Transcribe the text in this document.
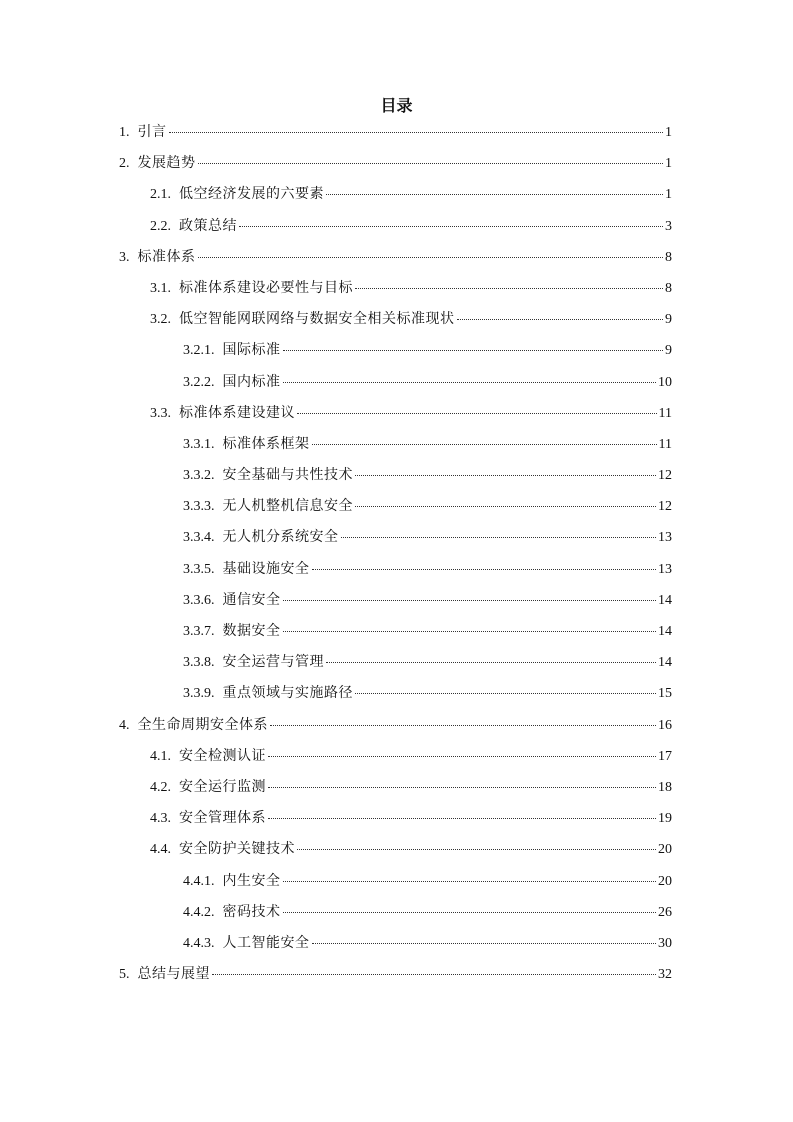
目录
1. 引言	1
2. 发展趋势	1
2.1. 低空经济发展的六要素	1
2.2. 政策总结	3
3. 标准体系	8
3.1. 标准体系建设必要性与目标	8
3.2. 低空智能网联网络与数据安全相关标准现状	9
3.2.1. 国际标准	9
3.2.2. 国内标准	10
3.3. 标准体系建设建议	11
3.3.1. 标准体系框架	11
3.3.2. 安全基础与共性技术	12
3.3.3. 无人机整机信息安全	12
3.3.4. 无人机分系统安全	13
3.3.5. 基础设施安全	13
3.3.6. 通信安全	14
3.3.7. 数据安全	14
3.3.8. 安全运营与管理	14
3.3.9. 重点领域与实施路径	15
4. 全生命周期安全体系	16
4.1. 安全检测认证	17
4.2. 安全运行监测	18
4.3. 安全管理体系	19
4.4. 安全防护关键技术	20
4.4.1. 内生安全	20
4.4.2. 密码技术	26
4.4.3. 人工智能安全	30
5. 总结与展望	32
